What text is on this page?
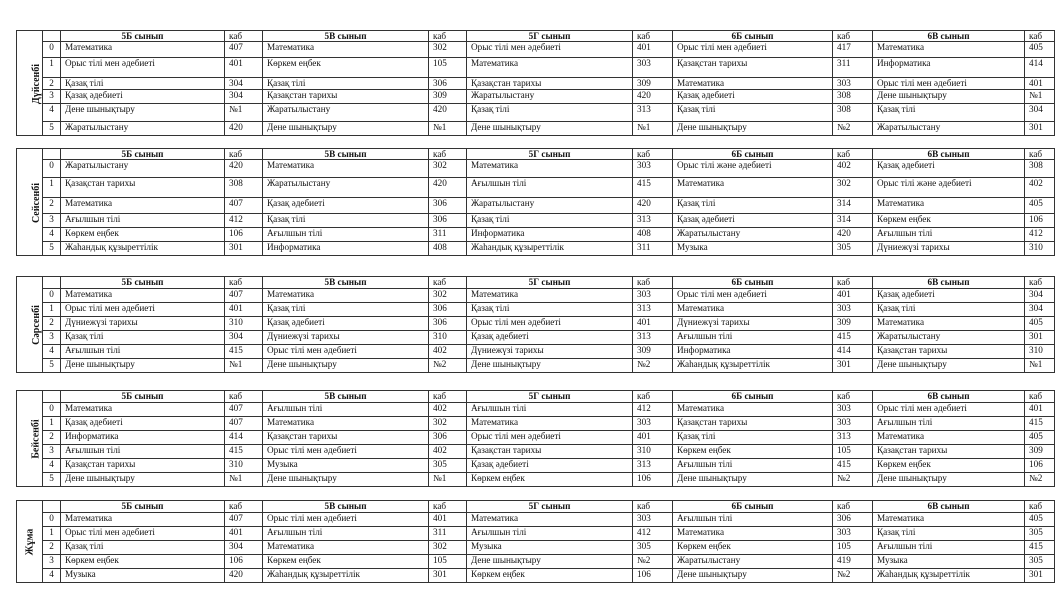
Дүйсенбі		5Б сынып	каб	5В сынып	каб	5Г сынып	каб	6Б сынып	каб	6В сынып	каб
	0	Математика	407	Математика	302	Орыс тілі мен әдебиеті	401	Орыс тілі мен әдебиеті	417	Математика	405
	1	Орыс тілі мен әдебиеті	401	Көркем еңбек	105	Математика	303	Қазақстан тарихы	311	Информатика	414
	2	Қазақ тілі	304	Қазақ тілі	306	Қазақстан тарихы	309	Математика	303	Орыс тілі мен әдебиеті	401
	3	Қазақ әдебиеті	304	Қазақстан тарихы	309	Жаратылыстану	420	Қазақ әдебиеті	308	Дене шынықтыру	№1
	4	Дене шынықтыру	№1	Жаратылыстану	420	Қазақ тілі	313	Қазақ тілі	308	Қазақ тілі	304
	5	Жаратылыстану	420	Дене шынықтыру	№1	Дене шынықтыру	№1	Дене шынықтыру	№2	Жаратылыстану	301
Сейсенбі		5Б сынып	каб	5В сынып	каб	5Г сынып	каб	6Б сынып	каб	6В сынып	каб
	0	Жаратылыстану	420	Математика	302	Математика	303	Орыс тілі және әдебиеті	402	Қазақ әдебиеті	308
	1	Қазақстан тарихы	308	Жаратылыстану	420	Ағылшын тілі	415	Математика	302	Орыс тілі және әдебиеті	402
	2	Математика	407	Қазақ әдебиеті	306	Жаратылыстану	420	Қазақ тілі	314	Математика	405
	3	Ағылшын тілі	412	Қазақ тілі	306	Қазақ тілі	313	Қазақ әдебиеті	314	Көркем еңбек	106
	4	Көркем еңбек	106	Ағылшын тілі	311	Информатика	408	Жаратылыстану	420	Ағылшын тілі	412
	5	Жаһандық құзыреттілік	301	Информатика	408	Жаһандық құзыреттілік	311	Музыка	305	Дүниежүзі тарихы	310
Сәрсенбі		5Б сынып	каб	5В сынып	каб	5Г сынып	каб	6Б сынып	каб	6В сынып	каб
	0	Математика	407	Математика	302	Математика	303	Орыс тілі мен әдебиеті	401	Қазақ әдебиеті	304
	1	Орыс тілі мен әдебиеті	401	Қазақ тілі	306	Қазақ тілі	313	Математика	303	Қазақ тілі	304
	2	Дүниежүзі тарихы	310	Қазақ әдебиеті	306	Орыс тілі мен әдебиеті	401	Дүниежүзі тарихы	309	Математика	405
	3	Қазақ тілі	304	Дүниежүзі тарихы	310	Қазақ әдебиеті	313	Ағылшын тілі	415	Жаратылыстану	301
	4	Ағылшын тілі	415	Орыс тілі мен әдебиеті	402	Дүниежүзі тарихы	309	Информатика	414	Қазақстан тарихы	310
	5	Дене шынықтыру	№1	Дене шынықтыру	№2	Дене шынықтыру	№2	Жаһандық құзыреттілік	301	Дене шынықтыру	№1
Бейсенбі		5Б сынып	каб	5В сынып	каб	5Г сынып	каб	6Б сынып	каб	6В сынып	каб
	0	Математика	407	Ағылшын тілі	402	Ағылшын тілі	412	Математика	303	Орыс тілі мен әдебиеті	401
	1	Қазақ әдебиеті	407	Математика	302	Математика	303	Қазақстан тарихы	303	Ағылшын тілі	415
	2	Информатика	414	Қазақстан тарихы	306	Орыс тілі мен әдебиеті	401	Қазақ тілі	313	Математика	405
	3	Ағылшын тілі	415	Орыс тілі мен әдебиеті	402	Қазақстан тарихы	310	Көркем еңбек	105	Қазақстан тарихы	309
	4	Қазақстан тарихы	310	Музыка	305	Қазақ әдебиеті	313	Ағылшын тілі	415	Көркем еңбек	106
	5	Дене шынықтыру	№1	Дене шынықтыру	№1	Көркем еңбек	106	Дене шынықтыру	№2	Дене шынықтыру	№2
Жұма		5Б сынып	каб	5В сынып	каб	5Г сынып	каб	6Б сынып	каб	6В сынып	каб
	0	Математика	407	Орыс тілі мен әдебиеті	401	Математика	303	Ағылшын тілі	306	Математика	405
	1	Орыс тілі мен әдебиеті	401	Ағылшын тілі	311	Ағылшын тілі	412	Математика	303	Қазақ тілі	305
	2	Қазақ тілі	304	Математика	302	Музыка	305	Көркем еңбек	105	Ағылшын тілі	415
	3	Көркем еңбек	106	Көркем еңбек	105	Дене шынықтыру	№2	Жаратылыстану	419	Музыка	305
	4	Музыка	420	Жаһандық құзыреттілік	301	Көркем еңбек	106	Дене шынықтыру	№2	Жаһандық құзыреттілік	301
